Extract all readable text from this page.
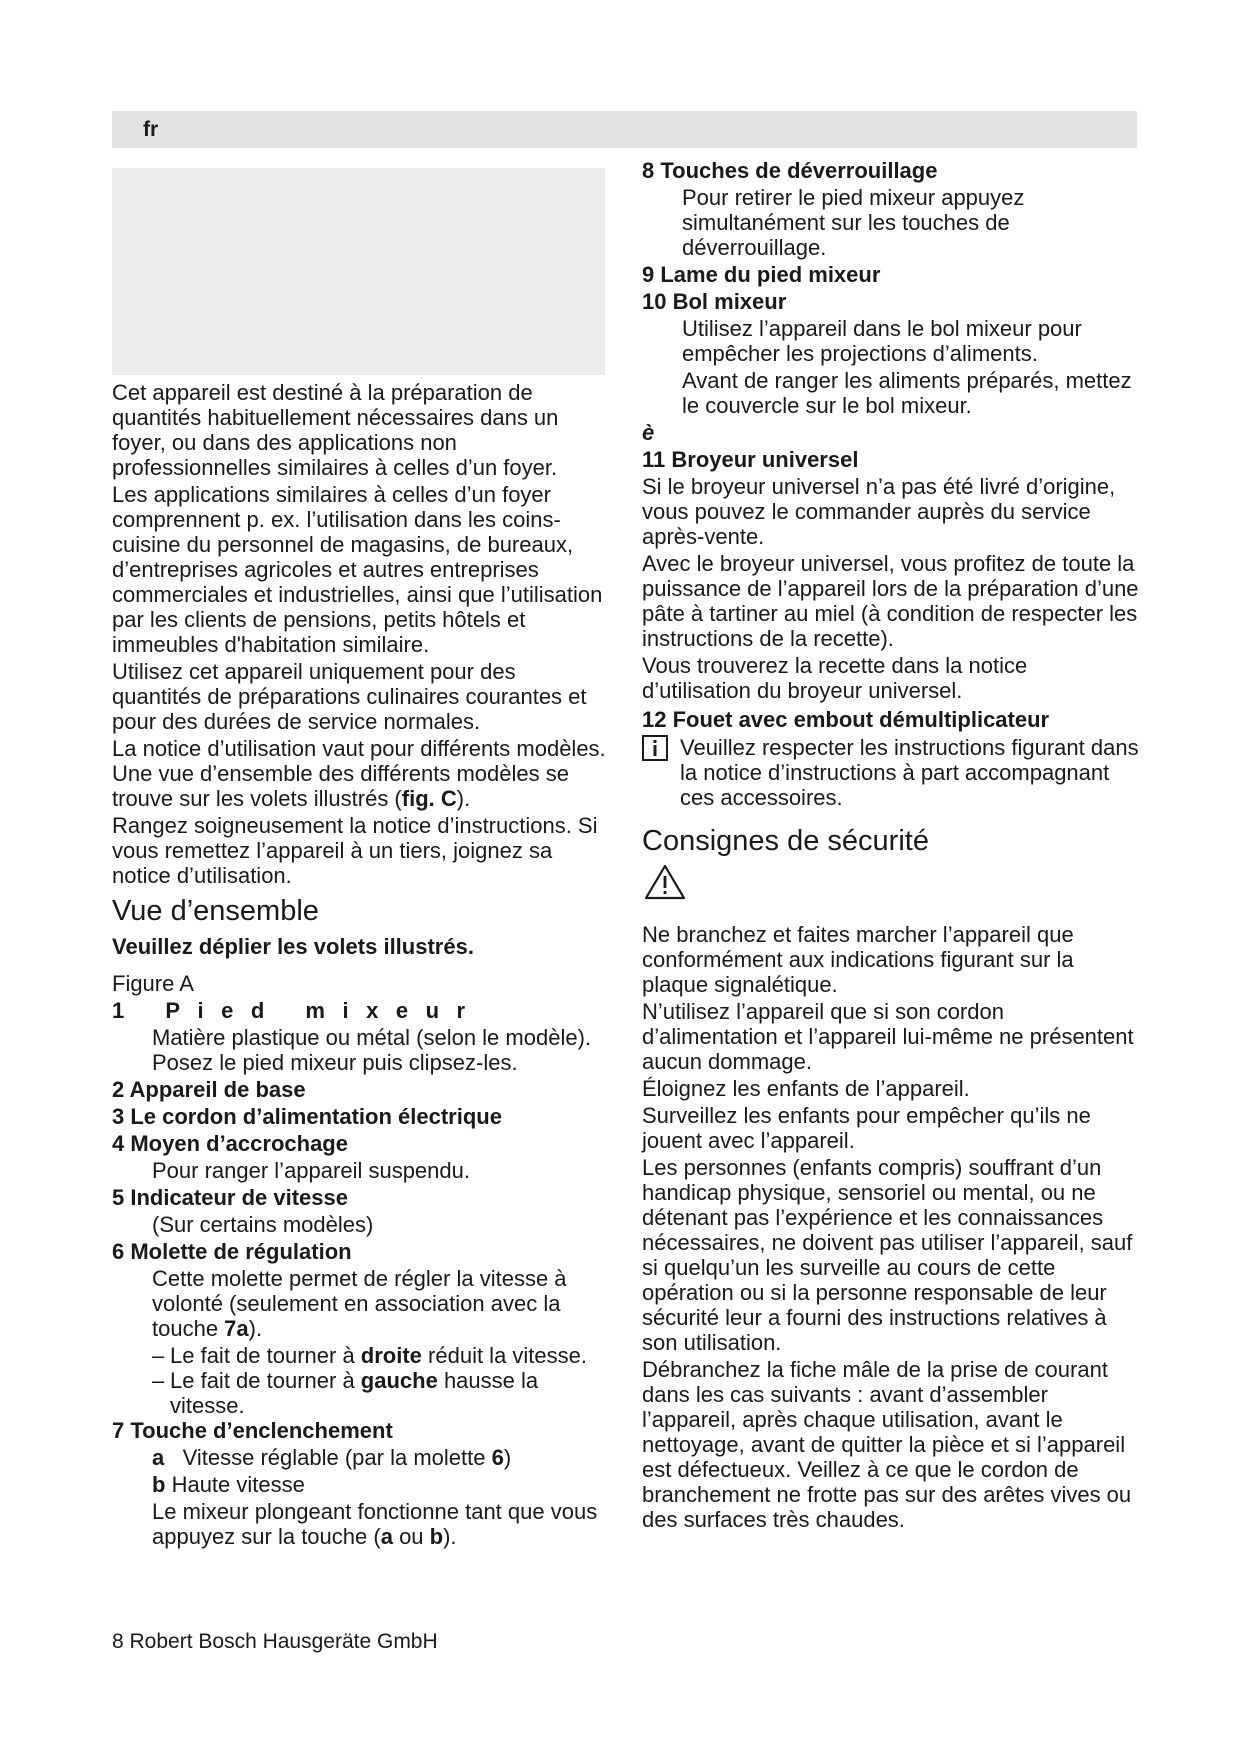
fr

Cet appareil est destiné à la préparation de quantités habituellement nécessaires dans un foyer, ou dans des applications non professionnelles similaires à celles d’un foyer.

Les applications similaires à celles d’un foyer comprennent p. ex. l’utilisation dans les coins-cuisine du personnel de magasins, de bureaux, d’entreprises agricoles et autres entreprises commerciales et industrielles, ainsi que l’utilisation par les clients de pensions, petits hôtels et immeubles d'habitation similaire.

Utilisez cet appareil uniquement pour des quantités de préparations culinaires courantes et pour des durées de service normales.

La notice d’utilisation vaut pour différents modèles. Une vue d’ensemble des différents modèles se trouve sur les volets illustrés (fig. C).

Rangez soigneusement la notice d’instructions. Si vous remettez l’appareil à un tiers, joignez sa notice d’utilisation.

Vue d’ensemble

Veuillez déplier les volets illustrés.

Figure A

1 Pied mixeur

Matière plastique ou métal (selon le modèle). Posez le pied mixeur puis clipsez-les.

2 Appareil de base

3 Le cordon d’alimentation électrique

4 Moyen d’accrochage

Pour ranger l’appareil suspendu.

5 Indicateur de vitesse

(Sur certains modèles)

6 Molette de régulation

Cette molette permet de régler la vitesse à volonté (seulement en association avec la touche 7a).

– Le fait de tourner à droite réduit la vitesse.
– Le fait de tourner à gauche hausse la vitesse.

7 Touche d’enclenchement

a Vitesse réglable (par la molette 6)

b Haute vitesse

Le mixeur plongeant fonctionne tant que vous appuyez sur la touche (a ou b).

8 Touches de déverrouillage

Pour retirer le pied mixeur appuyez simultanément sur les touches de déverrouillage.

9 Lame du pied mixeur

10 Bol mixeur

Utilisez l’appareil dans le bol mixeur pour empêcher les projections d’aliments.

Avant de ranger les aliments préparés, mettez le couvercle sur le bol mixeur.

è

11 Broyeur universel

Si le broyeur universel n’a pas été livré d’origine, vous pouvez le commander auprès du service après-vente.

Avec le broyeur universel, vous profitez de toute la puissance de l’appareil lors de la préparation d’une pâte à tartiner au miel (à condition de respecter les instructions de la recette).

Vous trouverez la recette dans la notice d’utilisation du broyeur universel.

12 Fouet avec embout démultiplicateur

Veuillez respecter les instructions figurant dans la notice d’instructions à part accompagnant ces accessoires.
Consignes de sécurité

Ne branchez et faites marcher l’appareil que conformément aux indications figurant sur la plaque signalétique.

N’utilisez l’appareil que si son cordon d’alimentation et l’appareil lui-même ne présentent aucun dommage.

Éloignez les enfants de l’appareil.

Surveillez les enfants pour empêcher qu’ils ne jouent avec l’appareil.

Les personnes (enfants compris) souffrant d’un handicap physique, sensoriel ou mental, ou ne détenant pas l’expérience et les connaissances nécessaires, ne doivent pas utiliser l’appareil, sauf si quelqu’un les surveille au cours de cette opération ou si la personne responsable de leur sécurité leur a fourni des instructions relatives à son utilisation.

Débranchez la fiche mâle de la prise de courant dans les cas suivants : avant d’assembler l’appareil, après chaque utilisation, avant le nettoyage, avant de quitter la pièce et si l’appareil est défectueux. Veillez à ce que le cordon de branchement ne frotte pas sur des arêtes vives ou des surfaces très chaudes.

8 Robert Bosch Hausgeräte GmbH
